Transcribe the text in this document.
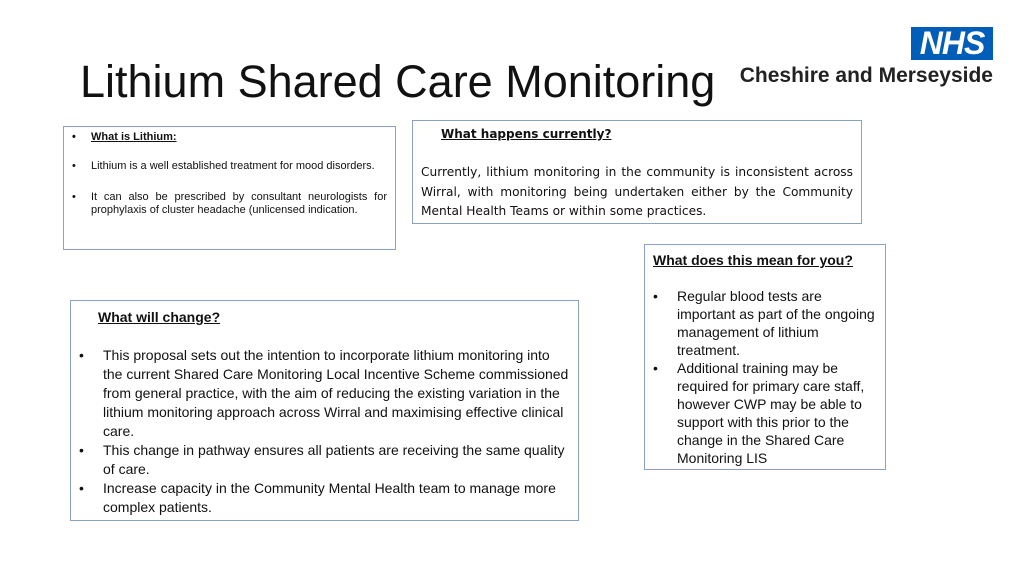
Lithium Shared Care Monitoring
NHS
Cheshire and Merseyside
• What is Lithium:
• Lithium is a well established treatment for mood disorders.
• It can also be prescribed by consultant neurologists for prophylaxis of cluster headache (unlicensed indication.
What happens currently?
Currently, lithium monitoring in the community is inconsistent across Wirral, with monitoring being undertaken either by the Community Mental Health Teams or within some practices.
What will change?
• This proposal sets out the intention to incorporate lithium monitoring into the current Shared Care Monitoring Local Incentive Scheme commissioned from general practice, with the aim of reducing the existing variation in the lithium monitoring approach across Wirral and maximising effective clinical care.
• This change in pathway ensures all patients are receiving the same quality of care.
• Increase capacity in the Community Mental Health team to manage more complex patients.
What does this mean for you?
• Regular blood tests are important as part of the ongoing management of lithium treatment.
• Additional training may be required for primary care staff, however CWP may be able to support with this prior to the change in the Shared Care Monitoring LIS
